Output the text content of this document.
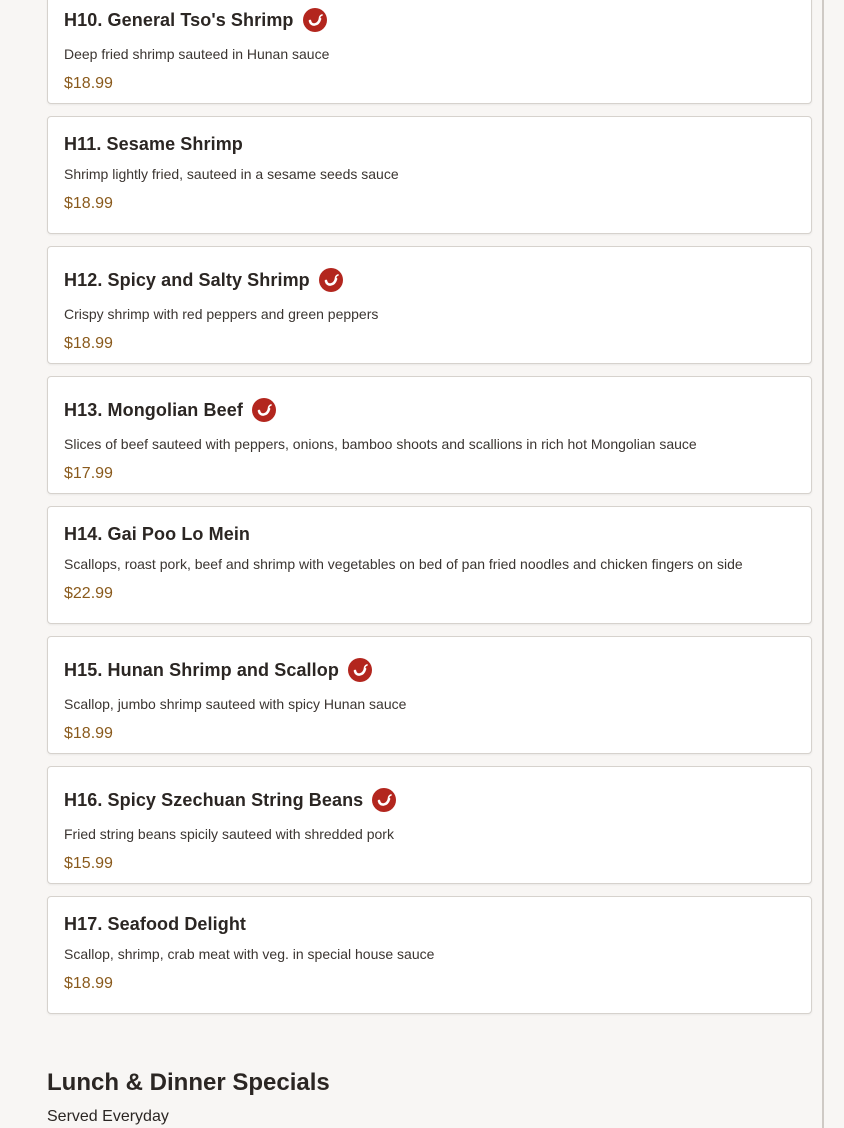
H10. General Tso's Shrimp
Deep fried shrimp sauteed in Hunan sauce
$18.99
H11. Sesame Shrimp
Shrimp lightly fried, sauteed in a sesame seeds sauce
$18.99
H12. Spicy and Salty Shrimp
Crispy shrimp with red peppers and green peppers
$18.99
H13. Mongolian Beef
Slices of beef sauteed with peppers, onions, bamboo shoots and scallions in rich hot Mongolian sauce
$17.99
H14. Gai Poo Lo Mein
Scallops, roast pork, beef and shrimp with vegetables on bed of pan fried noodles and chicken fingers on side
$22.99
H15. Hunan Shrimp and Scallop
Scallop, jumbo shrimp sauteed with spicy Hunan sauce
$18.99
H16. Spicy Szechuan String Beans
Fried string beans spicily sauteed with shredded pork
$15.99
H17. Seafood Delight
Scallop, shrimp, crab meat with veg. in special house sauce
$18.99
Lunch & Dinner Specials
Served Everyday
